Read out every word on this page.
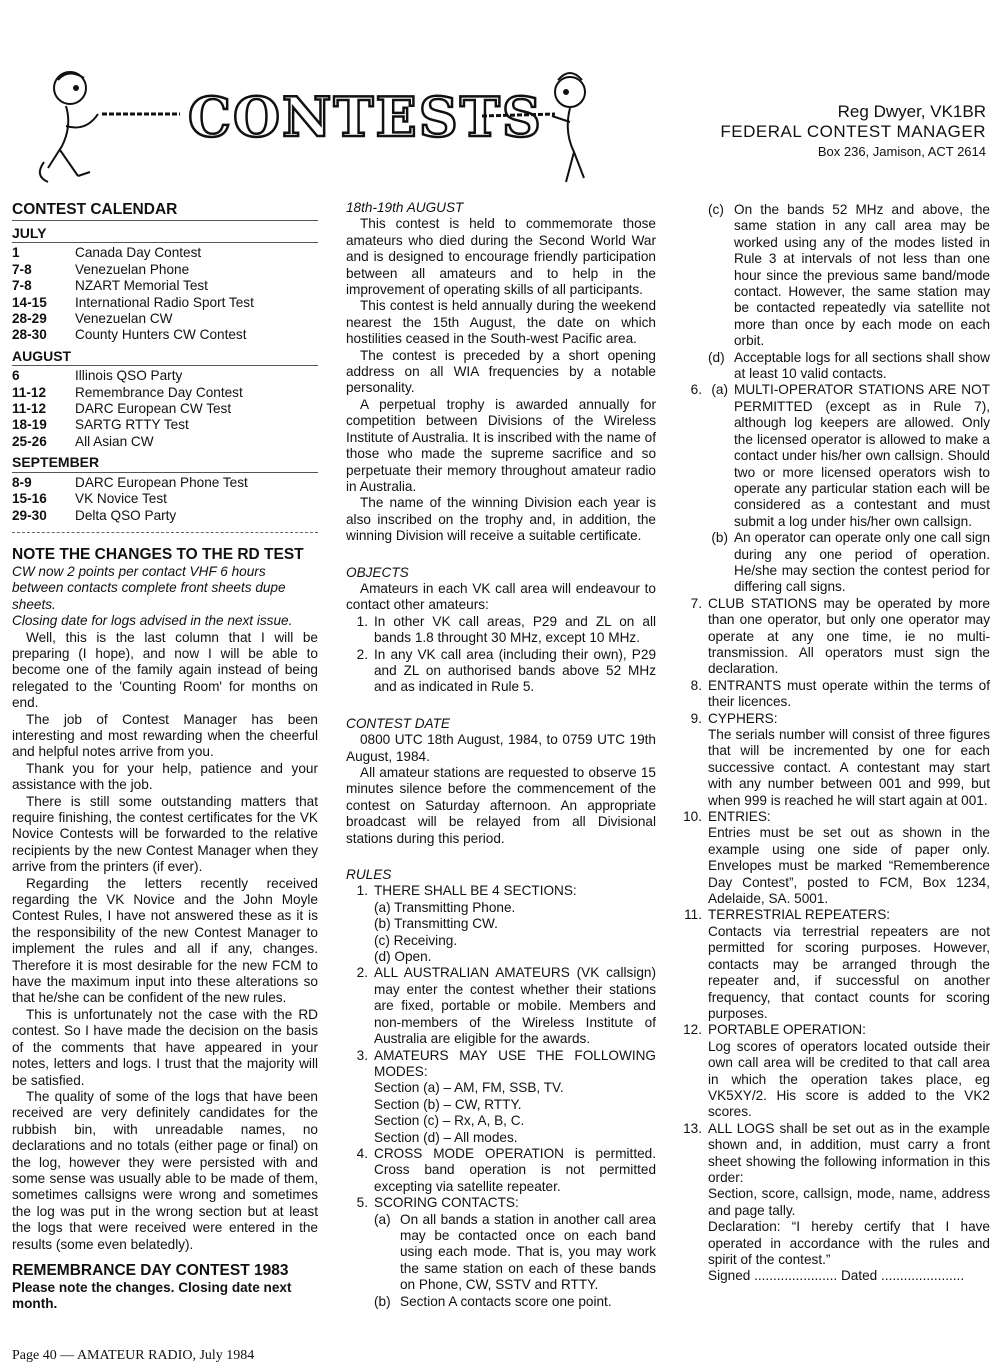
CONTESTS	Reg Dwyer, VK1BR
FEDERAL CONTEST MANAGER
Box 236, Jamison, ACT 2614
CONTEST CALENDAR
JULY
1	Canada Day Contest
7-8	Venezuelan Phone
7-8	NZART Memorial Test
14-15	International Radio Sport Test
28-29	Venezuelan CW
28-30	County Hunters CW Contest
AUGUST
6	Illinois QSO Party
11-12	Remembrance Day Contest
11-12	DARC European CW Test
18-19	SARTG RTTY Test
25-26	All Asian CW
SEPTEMBER
8-9	DARC European Phone Test
15-16	VK Novice Test
29-30	Delta QSO Party
NOTE THE CHANGES TO THE RD TEST

CW now 2 points per contact VHF 6 hours between contacts complete front sheets dupe sheets.

Closing date for logs advised in the next issue.

Well, this is the last column that I will be preparing (I hope), and now I will be able to become one of the family again instead of being relegated to the 'Counting Room' for months on end.

The job of Contest Manager has been interesting and most rewarding when the cheerful and helpful notes arrive from you.

Thank you for your help, patience and your assistance with the job.

There is still some outstanding matters that require finishing, the contest certificates for the VK Novice Contests will be forwarded to the relative recipients by the new Contest Manager when they arrive from the printers (if ever).

Regarding the letters recently received regarding the VK Novice and the John Moyle Contest Rules, I have not answered these as it is the responsibility of the new Contest Manager to implement the rules and all if any, changes. Therefore it is most desirable for the new FCM to have the maximum input into these alterations so that he/she can be confident of the new rules.

This is unfortunately not the case with the RD contest. So I have made the decision on the basis of the comments that have appeared in your notes, letters and logs. I trust that the majority will be satisfied.

The quality of some of the logs that have been received are very definitely candidates for the rubbish bin, with unreadable names, no declarations and no totals (either page or final) on the log, however they were persisted with and some sense was usually able to be made of them, sometimes callsigns were wrong and sometimes the log was put in the wrong section but at least the logs that were received were entered in the results (some even belatedly).

REMEMBRANCE DAY CONTEST 1983

Please note the changes. Closing date next month.

18th-19th AUGUST

This contest is held to commemorate those amateurs who died during the Second World War and is designed to encourage friendly participation between all amateurs and to help in the improvement of operating skills of all participants.

This contest is held annually during the weekend nearest the 15th August, the date on which hostilities ceased in the South-west Pacific area.

The contest is preceded by a short opening address on all WIA frequencies by a notable personality.

A perpetual trophy is awarded annually for competition between Divisions of the Wireless Institute of Australia. It is inscribed with the name of those who made the supreme sacrifice and so perpetuate their memory throughout amateur radio in Australia.

The name of the winning Division each year is also inscribed on the trophy and, in addition, the winning Division will receive a suitable certificate.

OBJECTS

Amateurs in each VK call area will endeavour to contact other amateurs:

1. In other VK call areas, P29 and ZL on all bands 1.8 throught 30 MHz, except 10 MHz.
2. In any VK call area (including their own), P29 and ZL on authorised bands above 52 MHz and as indicated in Rule 5.

CONTEST DATE

0800 UTC 18th August, 1984, to 0759 UTC 19th August, 1984.

All amateur stations are requested to observe 15 minutes silence before the commencement of the contest on Saturday afternoon. An appropriate broadcast will be relayed from all Divisional stations during this period.

RULES

1. THERE SHALL BE 4 SECTIONS:
(a) Transmitting Phone.
(b) Transmitting CW.
(c) Receiving.
(d) Open.
2. ALL AUSTRALIAN AMATEURS (VK callsign) may enter the contest whether their stations are fixed, portable or mobile. Members and non-members of the Wireless Institute of Australia are eligible for the awards.
3. AMATEURS MAY USE THE FOLLOWING MODES:
Section (a) – AM, FM, SSB, TV.
Section (b) – CW, RTTY.
Section (c) – Rx, A, B, C.
Section (d) – All modes.
4. CROSS MODE OPERATION is permitted. Cross band operation is not permitted excepting via satellite repeater.
5. SCORING CONTACTS:
(a) On all bands a station in another call area may be contacted once on each band using each mode. That is, you may work the same station on each of these bands on Phone, CW, SSTV and RTTY.
(b) Section A contacts score one point.
(c) On the bands 52 MHz and above, the same station in any call area may be worked using any of the modes listed in Rule 3 at intervals of not less than one hour since the previous same band/mode contact. However, the same station may be contacted repeatedly via satellite not more than once by each mode on each orbit.
(d) Acceptable logs for all sections shall show at least 10 valid contacts.
6. (a) MULTI-OPERATOR STATIONS ARE NOT PERMITTED (except as in Rule 7), although log keepers are allowed. Only the licensed operator is allowed to make a contact under his/her own callsign. Should two or more licensed operators wish to operate any particular station each will be considered as a contestant and must submit a log under his/her own callsign.
(b) An operator can operate only one call sign during any one period of operation. He/she may section the contest period for differing call signs.
7. CLUB STATIONS may be operated by more than one operator, but only one operator may operate at any one time, ie no multi-transmission. All operators must sign the declaration.
8. ENTRANTS must operate within the terms of their licences.
9. CYPHERS:
The serials number will consist of three figures that will be incremented by one for each successive contact. A contestant may start with any number between 001 and 999, but when 999 is reached he will start again at 001.
10. ENTRIES:
Entries must be set out as shown in the example using one side of paper only. Envelopes must be marked “Rememberence Day Contest”, posted to FCM, Box 1234, Adelaide, SA. 5001.
11. TERRESTRIAL REPEATERS:
Contacts via terrestrial repeaters are not permitted for scoring purposes. However, contacts may be arranged through the repeater and, if successful on another frequency, that contact counts for scoring purposes.
12. PORTABLE OPERATION:
Log scores of operators located outside their own call area will be credited to that call area in which the operation takes place, eg VK5XY/2. His score is added to the VK2 scores.
13. ALL LOGS shall be set out as in the example shown and, in addition, must carry a front sheet showing the following information in this order:
Section, score, callsign, mode, name, address and page tally.
Declaration: “I hereby certify that I have operated in accordance with the rules and spirit of the contest.”
Signed ...................... Dated ......................
Page 40 — AMATEUR RADIO, July 1984
